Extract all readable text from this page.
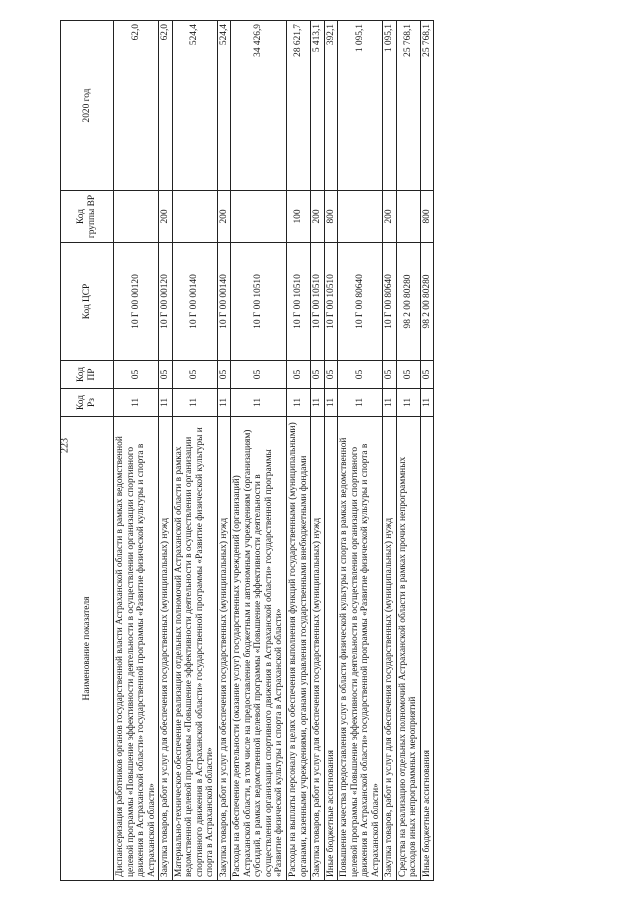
223
Наименование показателя	Код Рз	Код ПР	Код ЦСР	Код группы ВР	2020 год
Диспансеризация работников органов государственной власти Астраханской области в рамках ведомственной целевой программы «Повышение эффективности деятельности в осуществлении организации спортивного движения в Астраханской области» государственной программы «Развитие физической культуры и спорта в Астраханской области»	11	05	10 Г 00 00120		62,0
Закупка товаров, работ и услуг для обеспечения государственных (муниципальных) нужд	11	05	10 Г 00 00120	200	62,0
Материально-техническое обеспечение реализации отдельных полномочий Астраханской области в рамках ведомственной целевой программы «Повышение эффективности деятельности в осуществлении организации спортивного движения в Астраханской области» государственной программы «Развитие физической культуры и спорта в Астраханской области»	11	05	10 Г 00 00140		524,4
Закупка товаров, работ и услуг для обеспечения государственных (муниципальных) нужд	11	05	10 Г 00 00140	200	524,4
Расходы на обеспечение деятельности (оказание услуг) государственных учреждений (организаций) Астраханской области, в том числе на предоставление бюджетным и автономным учреждениям (организациям) субсидий, в рамках ведомственной целевой программы «Повышение эффективности деятельности в осуществлении организации спортивного движения в Астраханской области» государственной программы «Развитие физической культуры и спорта в Астраханской области»	11	05	10 Г 00 10510		34 426,9
Расходы на выплаты персоналу в целях обеспечения выполнения функций государственными (муниципальными) органами, казенными учреждениями, органами управления государственными внебюджетными фондами	11	05	10 Г 00 10510	100	28 621,7
Закупка товаров, работ и услуг для обеспечения государственных (муниципальных) нужд	11	05	10 Г 00 10510	200	5 413,1
Иные бюджетные ассигнования	11	05	10 Г 00 10510	800	392,1
Повышение качества предоставления услуг в области физической культуры и спорта в рамках ведомственной целевой программы «Повышение эффективности деятельности в осуществлении организации спортивного движения в Астраханской области» государственной программы «Развитие физической культуры и спорта в Астраханской области»	11	05	10 Г 00 80640		1 095,1
Закупка товаров, работ и услуг для обеспечения государственных (муниципальных) нужд	11	05	10 Г 00 80640	200	1 095,1
Средства на реализацию отдельных полномочий Астраханской области в рамках прочих непрограммных расходов иных непрограммных мероприятий	11	05	98 2 00 80280		25 768,1
Иные бюджетные ассигнования	11	05	98 2 00 80280	800	25 768,1
